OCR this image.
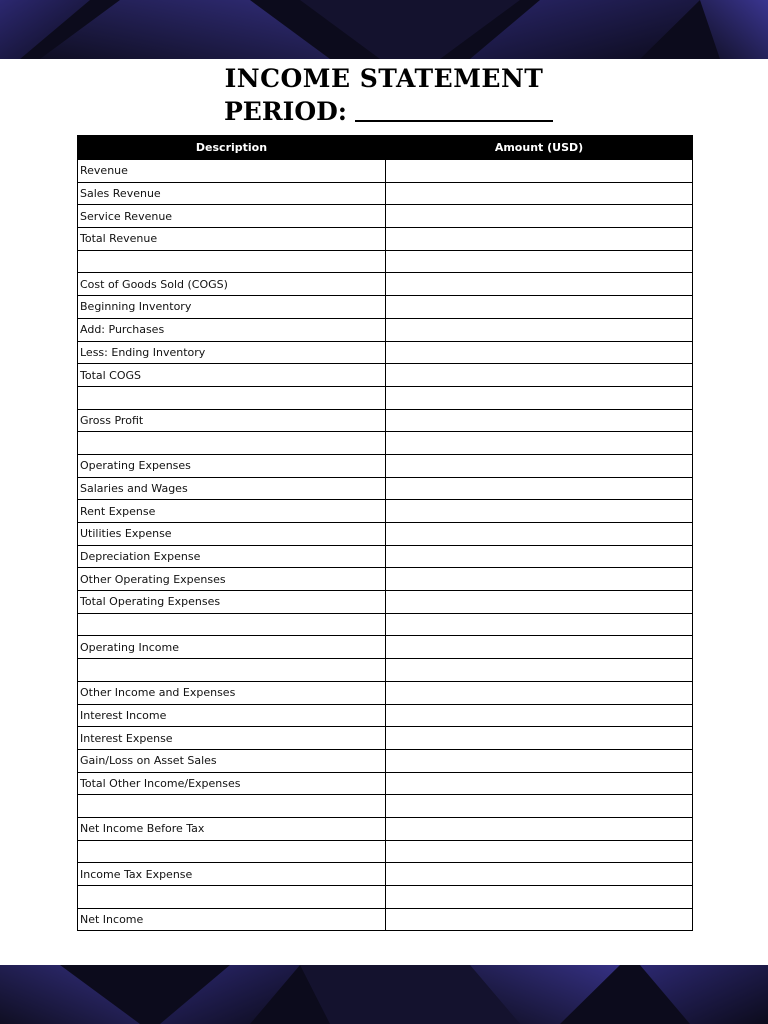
INCOME STATEMENT
PERIOD:
Description	Amount (USD)
Revenue	
Sales Revenue	
Service Revenue	
Total Revenue	

Cost of Goods Sold (COGS)	
Beginning Inventory	
Add: Purchases	
Less: Ending Inventory	
Total COGS	

Gross Profit	

Operating Expenses	
Salaries and Wages	
Rent Expense	
Utilities Expense	
Depreciation Expense	
Other Operating Expenses	
Total Operating Expenses	

Operating Income	

Other Income and Expenses	
Interest Income	
Interest Expense	
Gain/Loss on Asset Sales	
Total Other Income/Expenses	

Net Income Before Tax	

Income Tax Expense	

Net Income	
